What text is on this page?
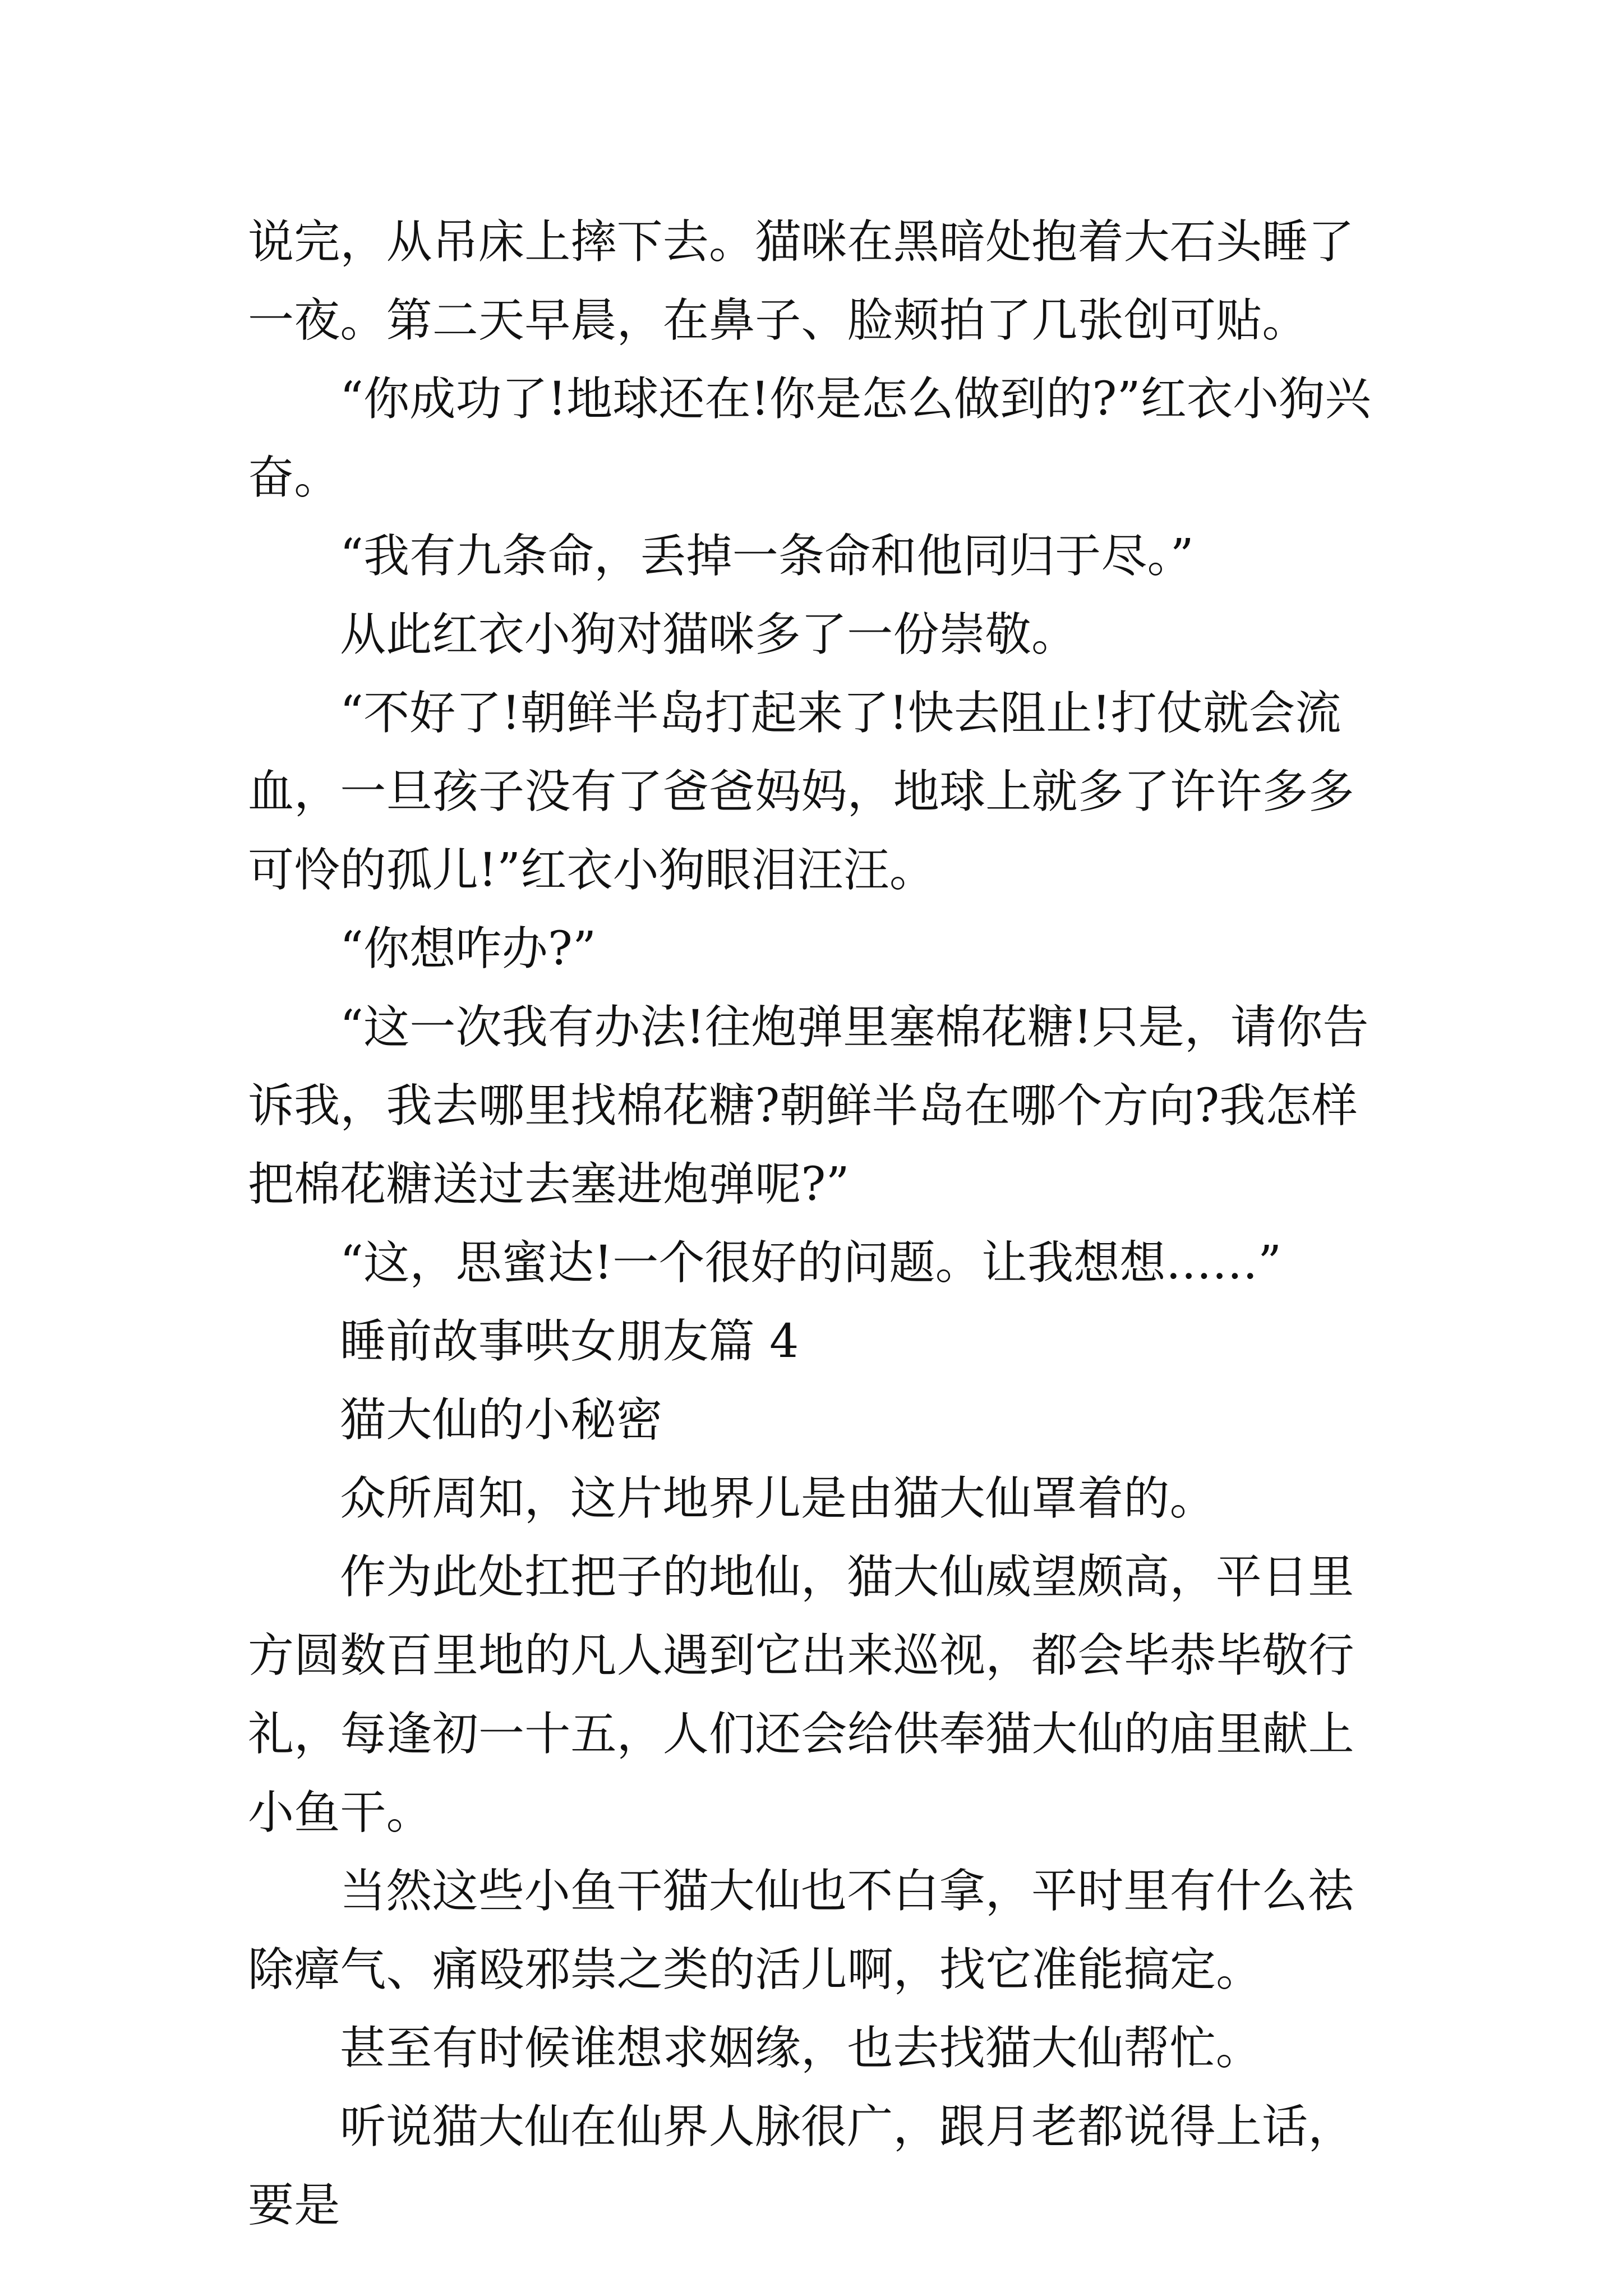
说完，从吊床上摔下去。猫咪在黑暗处抱着大石头睡了一夜。第二天早晨，在鼻子、脸颊拍了几张创可贴。

“你成功了!地球还在!你是怎么做到的?”红衣小狗兴奋。

“我有九条命，丢掉一条命和他同归于尽。”

从此红衣小狗对猫咪多了一份崇敬。

“不好了!朝鲜半岛打起来了!快去阻止!打仗就会流血，一旦孩子没有了爸爸妈妈，地球上就多了许许多多可怜的孤儿!”红衣小狗眼泪汪汪。

“你想咋办?”

“这一次我有办法!往炮弹里塞棉花糖!只是，请你告诉我，我去哪里找棉花糖?朝鲜半岛在哪个方向?我怎样把棉花糖送过去塞进炮弹呢?”

“这，思蜜达!一个很好的问题。让我想想……”

睡前故事哄女朋友篇 4

猫大仙的小秘密

众所周知，这片地界儿是由猫大仙罩着的。

作为此处扛把子的地仙，猫大仙威望颇高，平日里方圆数百里地的凡人遇到它出来巡视，都会毕恭毕敬行礼，每逢初一十五，人们还会给供奉猫大仙的庙里献上小鱼干。

当然这些小鱼干猫大仙也不白拿，平时里有什么祛除瘴气、痛殴邪祟之类的活儿啊，找它准能搞定。

甚至有时候谁想求姻缘，也去找猫大仙帮忙。

听说猫大仙在仙界人脉很广，跟月老都说得上话，要是
